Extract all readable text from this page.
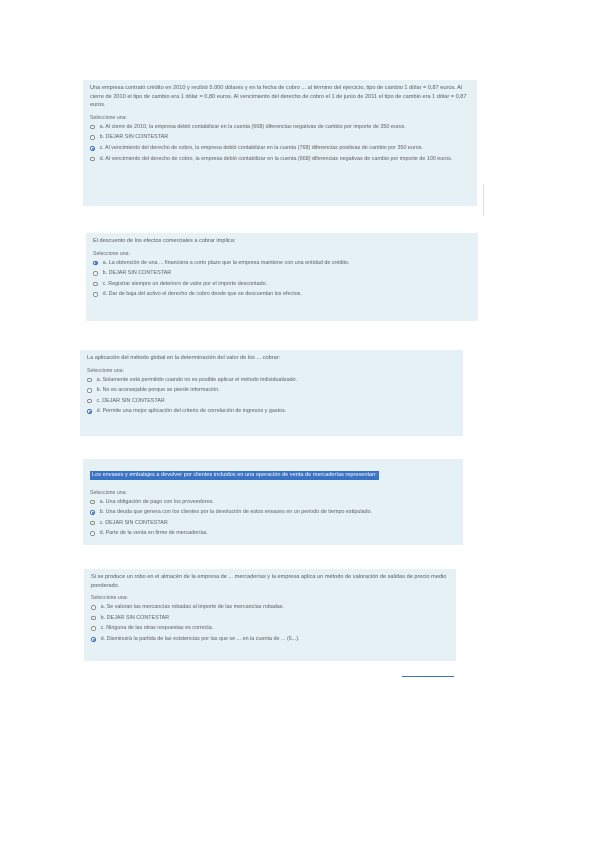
Una empresa contrató crédito en 2010 y recibió 5.000 dólares y en la fecha de cobro ... al término del ejercicio, tipo de cambio 1 dólar = 0,87 euros. Al cierre de 2010 el tipo de cambio era 1 dólar = 0,80 euros. Al vencimiento del derecho de cobro el 1 de junio de 2011 el tipo de cambio era 1 dólar = 0,87 euros.

Seleccione una:
a. Al cierre de 2010, la empresa debió contabilizar en la cuenta (668) diferencias negativas de cambio por importe de 350 euros.
b. DEJAR SIN CONTESTAR
c. Al vencimiento del derecho de cobro, la empresa debió contabilizar en la cuenta (768) diferencias positivas de cambio por 350 euros.
d. Al vencimiento del derecho de cobro, la empresa debió contabilizar en la cuenta (668) diferencias negativas de cambio por importe de 100 euros.

El descuento de los efectos comerciales a cobrar implica:

Seleccione una:
a. La obtención de una ... financiera a corto plazo que la empresa mantiene con una entidad de crédito.
b. DEJAR SIN CONTESTAR
c. Registrar siempre un deterioro de valor por el importe descontado.
d. Dar de baja del activo el derecho de cobro desde que se descuentan los efectos.

La aplicación del método global en la determinación del valor de los ... cobrar:

Seleccione una:
a. Solamente está permitido cuando no es posible aplicar el método individualizado.
b. No es aconsejable porque se pierde información.
c. DEJAR SIN CONTESTAR
d. Permite una mejor aplicación del criterio de correlación de ingresos y gastos.

Los envases y embalajes a devolver por clientes incluidos en una operación de venta de mercaderías representan:

Seleccione una:
a. Una obligación de pago con los proveedores.
b. Una deuda que genera con los clientes por la devolución de estos envases en un periodo de tiempo estipulado.
c. DEJAR SIN CONTESTAR
d. Parte de la venta en firme de mercaderías.

Si se produce un robo en el almacén de la empresa de ... mercaderías y la empresa aplica un método de valoración de salidas de precio medio ponderado.

Seleccione una:
a. Se valoran las mercancías robadas al importe de las mercancías robadas.
b. DEJAR SIN CONTESTAR
c. Ninguna de las otras respuestas es correcta.
d. Disminuirá la partida de las existencias por las que se ... en la cuenta de ... (6...).
